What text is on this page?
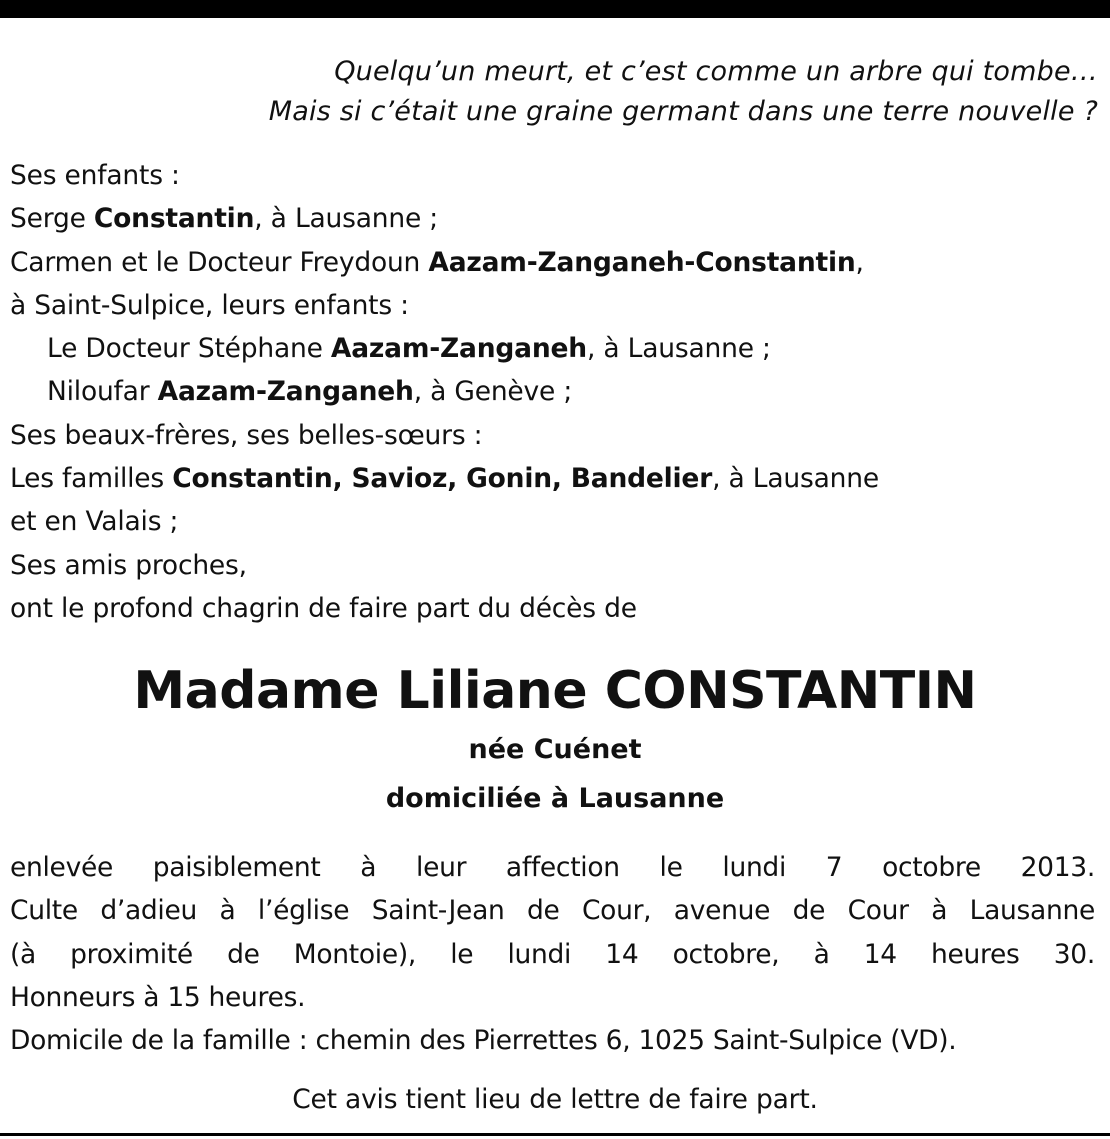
Quelqu’un meurt, et c’est comme un arbre qui tombe…
Mais si c’était une graine germant dans une terre nouvelle ?
Ses enfants :
Serge Constantin, à Lausanne ;
Carmen et le Docteur Freydoun Aazam-Zanganeh-Constantin,
à Saint-Sulpice, leurs enfants :
Le Docteur Stéphane Aazam-Zanganeh, à Lausanne ;
Niloufar Aazam-Zanganeh, à Genève ;
Ses beaux-frères, ses belles-sœurs :
Les familles Constantin, Savioz, Gonin, Bandelier, à Lausanne
et en Valais ;
Ses amis proches,
ont le profond chagrin de faire part du décès de
Madame Liliane CONSTANTIN
née Cuénet
domiciliée à Lausanne
enlevée paisiblement à leur affection le lundi 7 octobre 2013.
Culte d’adieu à l’église Saint-Jean de Cour, avenue de Cour à Lausanne
(à proximité de Montoie), le lundi 14 octobre, à 14 heures 30.
Honneurs à 15 heures.
Domicile de la famille : chemin des Pierrettes 6, 1025 Saint-Sulpice (VD).
Cet avis tient lieu de lettre de faire part.
